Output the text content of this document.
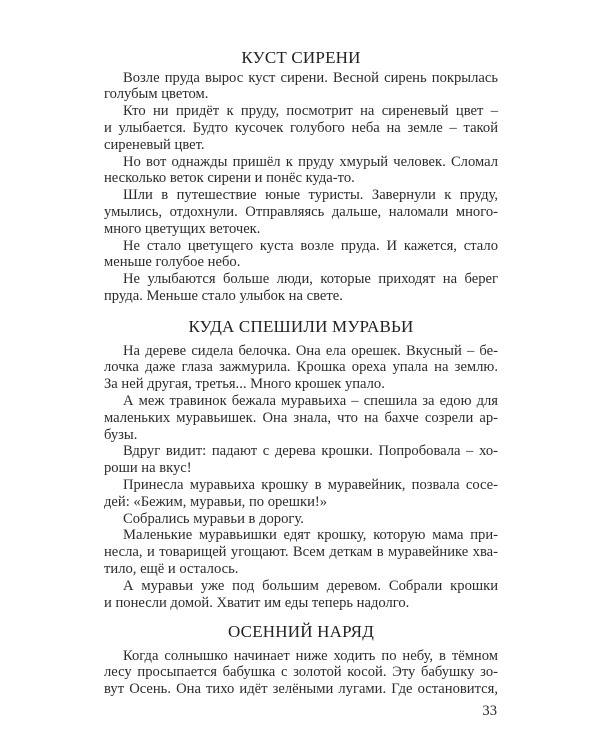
КУСТ СИРЕНИ
Возле пруда вырос куст сирени. Весной сирень покрылась
голубым цветом.
Кто ни придёт к пруду, посмотрит на сиреневый цвет –
и улыбается. Будто кусочек голубого неба на земле – такой
сиреневый цвет.
Но вот однажды пришёл к пруду хмурый человек. Сломал
несколько веток сирени и понёс куда-то.
Шли в путешествие юные туристы. Завернули к пруду,
умылись, отдохнули. Отправляясь дальше, наломали много-
много цветущих веточек.
Не стало цветущего куста возле пруда. И кажется, стало
меньше голубое небо.
Не улыбаются больше люди, которые приходят на берег
пруда. Меньше стало улыбок на свете.
КУДА СПЕШИЛИ МУРАВЬИ
На дереве сидела белочка. Она ела орешек. Вкусный – бе-
лочка даже глаза зажмурила. Крошка ореха упала на землю.
За ней другая, третья... Много крошек упало.
А меж травинок бежала муравьиха – спешила за едою для
маленьких муравьишек. Она знала, что на бахче созрели ар-
бузы.
Вдруг видит: падают с дерева крошки. Попробовала – хо-
роши на вкус!
Принесла муравьиха крошку в муравейник, позвала сосе-
дей: «Бежим, муравьи, по орешки!»
Собрались муравьи в дорогу.
Маленькие муравьишки едят крошку, которую мама при-
несла, и товарищей угощают. Всем деткам в муравейнике хва-
тило, ещё и осталось.
А муравьи уже под большим деревом. Собрали крошки
и понесли домой. Хватит им еды теперь надолго.
ОСЕННИЙ НАРЯД
Когда солнышко начинает ниже ходить по небу, в тёмном
лесу просыпается бабушка с золотой косой. Эту бабушку зо-
вут Осень. Она тихо идёт зелёными лугами. Где остановится,
33
